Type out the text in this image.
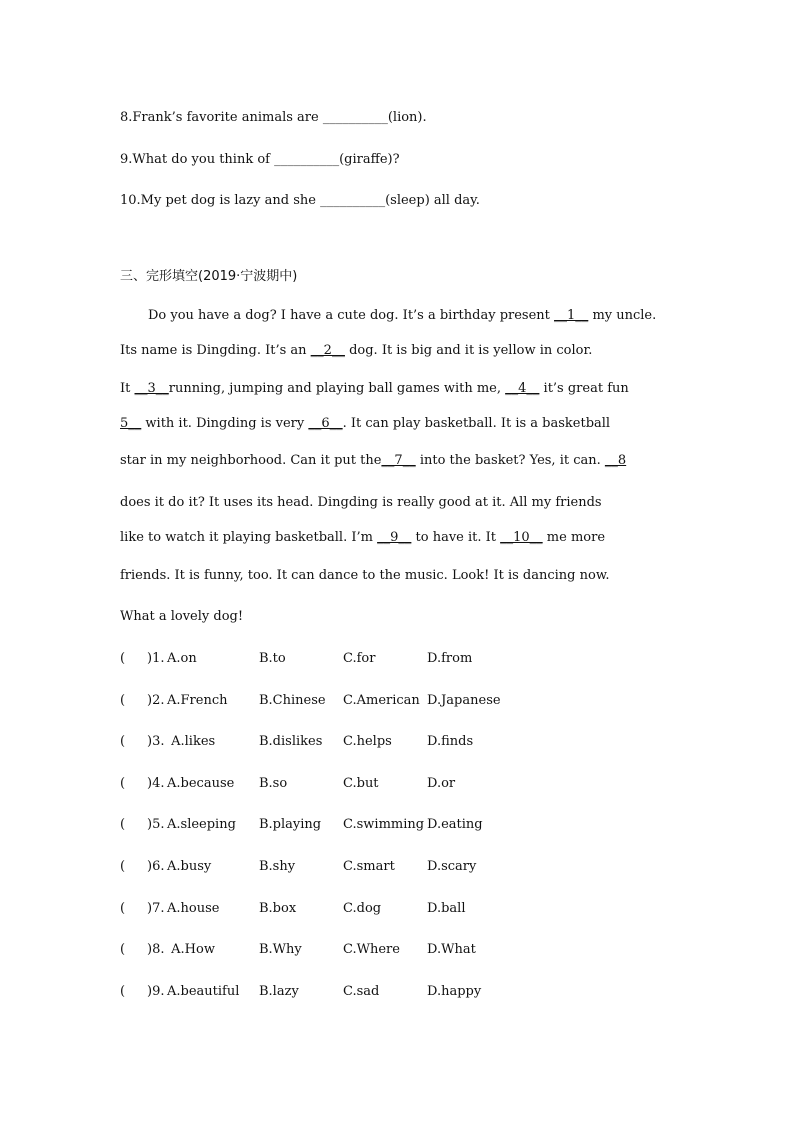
8.Frank’s favorite animals are __________(lion).
9.What do you think of __________(giraffe)?
10.My pet dog is lazy and she __________(sleep) all day.
三、完形填空(2019·宁波期中)
Do you have a dog? I have a cute dog. It’s a birthday present __1__ my uncle.
Its name is Dingding. It’s an __2__ dog. It is big and it is yellow in color.
It __3__running, jumping and playing ball games with me, __4__ it’s great fun
5__ with it. Dingding is very __6__. It can play basketball. It is a basketball
star in my neighborhood. Can it put the__7__ into the basket? Yes, it can. __8
does it do it? It uses its head. Dingding is really good at it. All my friends
like to watch it playing basketball. I’m __9__ to have it. It __10__ me more
friends. It is funny, too. It can dance to the music. Look! It is dancing now.
What a lovely dog!
( )1. A.on	B.to	C.for	D.from
( )2. A.French B.Chinese C.American D.Japanese
( )3. A.likes	B.dislikes C.helps	D.finds
( )4. A.because B.so	C.but	D.or
( )5. A.sleeping B.playing C.swimming D.eating
( )6. A.busy	B.shy	C.smart D.scary
( )7. A.house	B.box	C.dog	D.ball
( )8. A.How	B.Why	C.Where D.What
( )9. A.beautiful B.lazy	C.sad	D.happy
